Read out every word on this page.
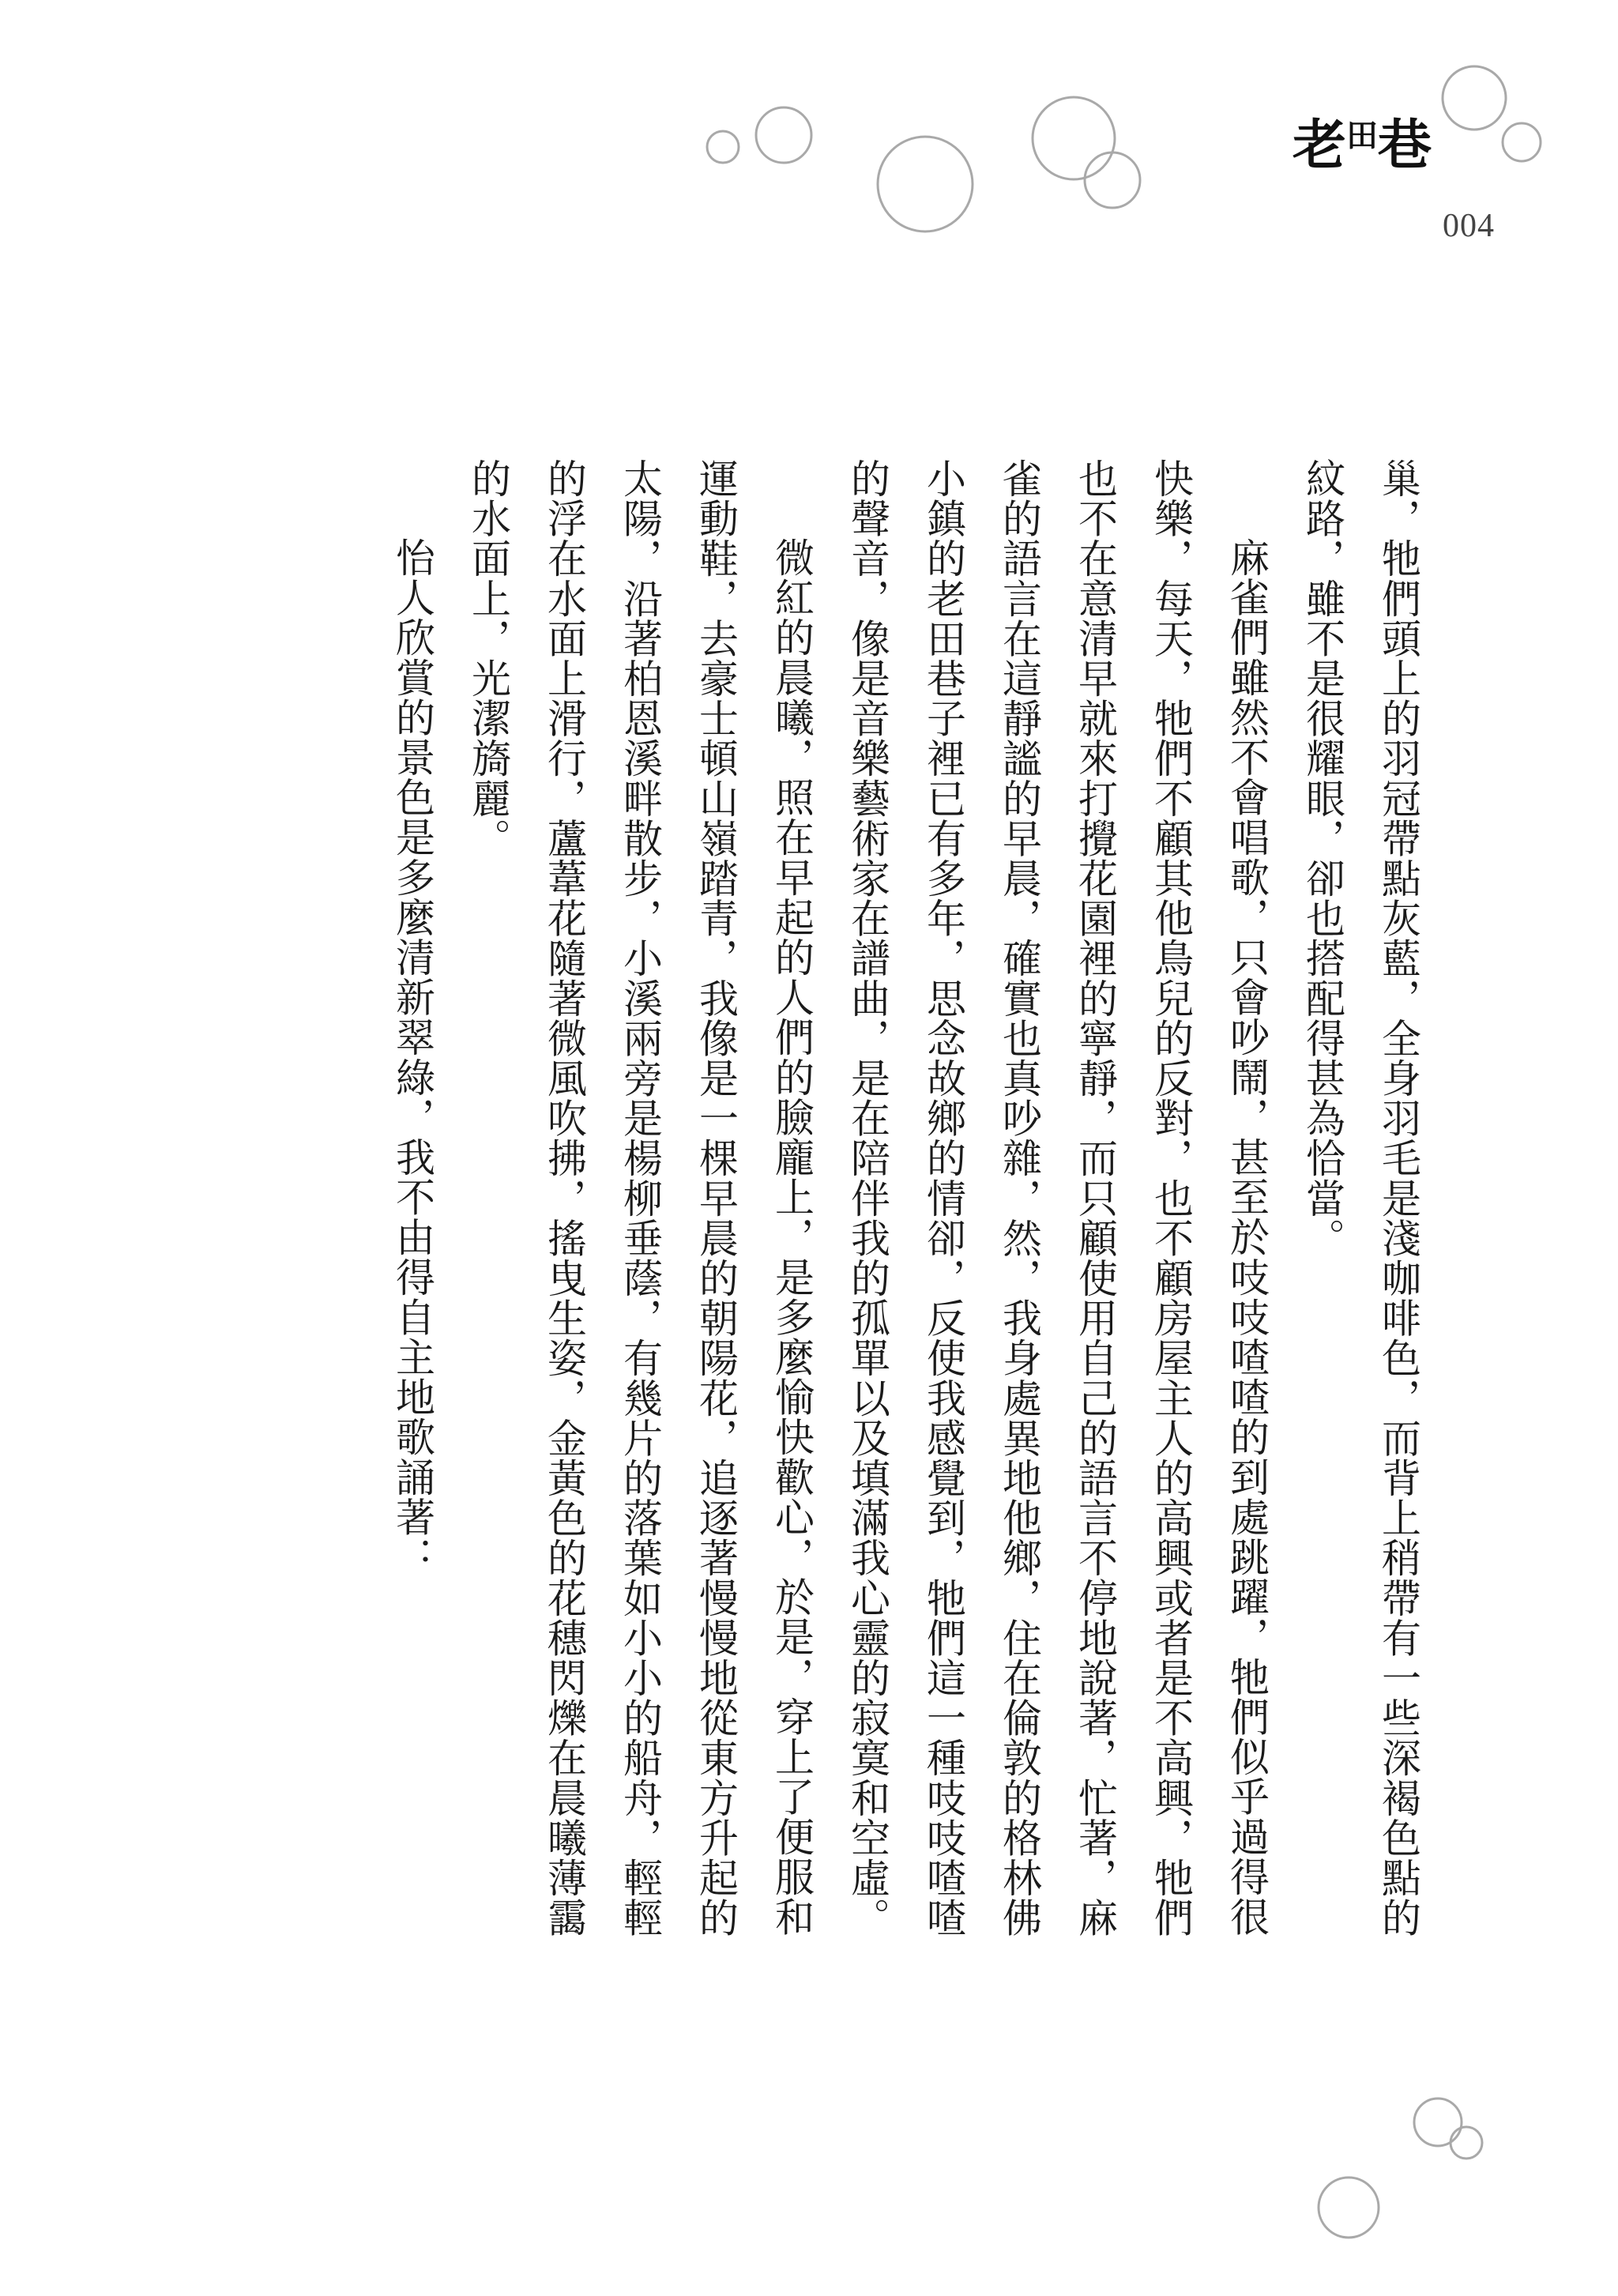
老田巷
004

巢，牠們頭上的羽冠帶點灰藍，全身羽毛是淺咖啡色，而背上稍帶有一些深褐色點的紋路，雖不是很耀眼，卻也搭配得甚為恰當。

麻雀們雖然不會唱歌，只會吵鬧，甚至於吱吱喳喳的到處跳躍，牠們似乎過得很快樂，每天，牠們不顧其他鳥兒的反對，也不顧房屋主人的高興或者是不高興，牠們也不在意清早就來打攪花園裡的寧靜，而只顧使用自己的語言不停地說著，忙著，麻雀的語言在這靜謐的早晨，確實也真吵雜，然，我身處異地他鄉，住在倫敦的格林佛小鎮的老田巷子裡已有多年，思念故鄉的情卻，反使我感覺到，牠們這一種吱吱喳喳的聲音，像是音樂藝術家在譜曲，是在陪伴我的孤單以及填滿我心靈的寂寞和空虛。

微紅的晨曦，照在早起的人們的臉龐上，是多麼愉快歡心，於是，穿上了便服和運動鞋，去豪士頓山嶺踏青，我像是一棵早晨的朝陽花，追逐著慢慢地從東方升起的太陽，沿著柏恩溪畔散步，小溪兩旁是楊柳垂蔭，有幾片的落葉如小小的船舟，輕輕的浮在水面上滑行，蘆葦花隨著微風吹拂，搖曳生姿，金黃色的花穗閃爍在晨曦薄靄的水面上，光潔旖麗。

怡人欣賞的景色是多麼清新翠綠，我不由得自主地歌誦著：
